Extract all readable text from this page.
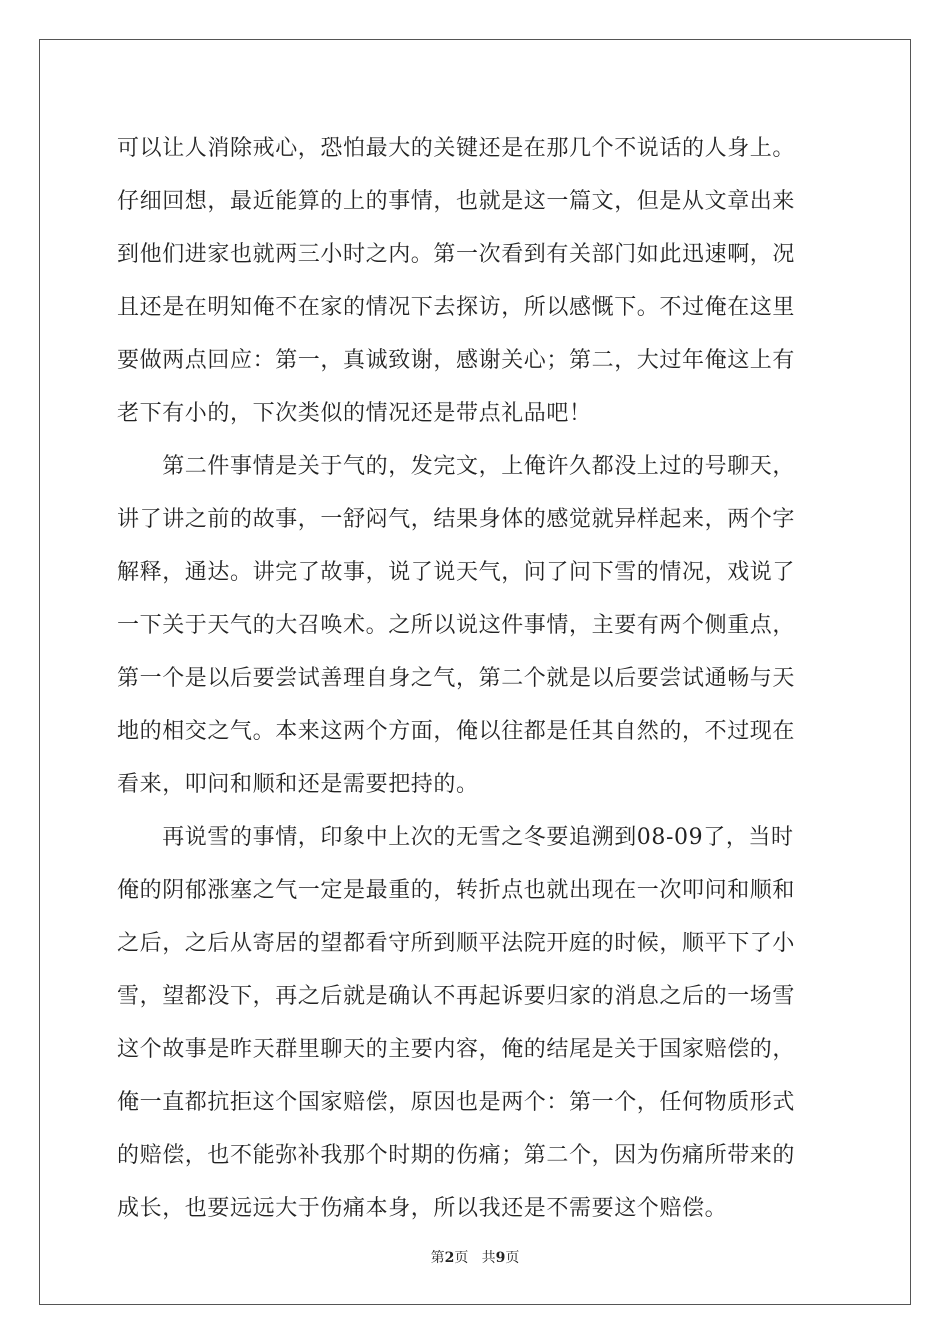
可以让人消除戒心，恐怕最大的关键还是在那几个不说话的人身上。
仔细回想，最近能算的上的事情，也就是这一篇文，但是从文章出来
到他们进家也就两三小时之内。第一次看到有关部门如此迅速啊，况
且还是在明知俺不在家的情况下去探访，所以感慨下。不过俺在这里
要做两点回应：第一，真诚致谢，感谢关心；第二，大过年俺这上有
老下有小的，下次类似的情况还是带点礼品吧！
　　第二件事情是关于气的，发完文，上俺许久都没上过的号聊天，
讲了讲之前的故事，一舒闷气，结果身体的感觉就异样起来，两个字
解释，通达。讲完了故事，说了说天气，问了问下雪的情况，戏说了
一下关于天气的大召唤术。之所以说这件事情，主要有两个侧重点，
第一个是以后要尝试善理自身之气，第二个就是以后要尝试通畅与天
地的相交之气。本来这两个方面，俺以往都是任其自然的，不过现在
看来，叩问和顺和还是需要把持的。
　　再说雪的事情，印象中上次的无雪之冬要追溯到08-09了，当时
俺的阴郁涨塞之气一定是最重的，转折点也就出现在一次叩问和顺和
之后，之后从寄居的望都看守所到顺平法院开庭的时候，顺平下了小
雪，望都没下，再之后就是确认不再起诉要归家的消息之后的一场雪
这个故事是昨天群里聊天的主要内容，俺的结尾是关于国家赔偿的，
俺一直都抗拒这个国家赔偿，原因也是两个：第一个，任何物质形式
的赔偿，也不能弥补我那个时期的伤痛；第二个，因为伤痛所带来的
成长，也要远远大于伤痛本身，所以我还是不需要这个赔偿。
第2页 共9页
